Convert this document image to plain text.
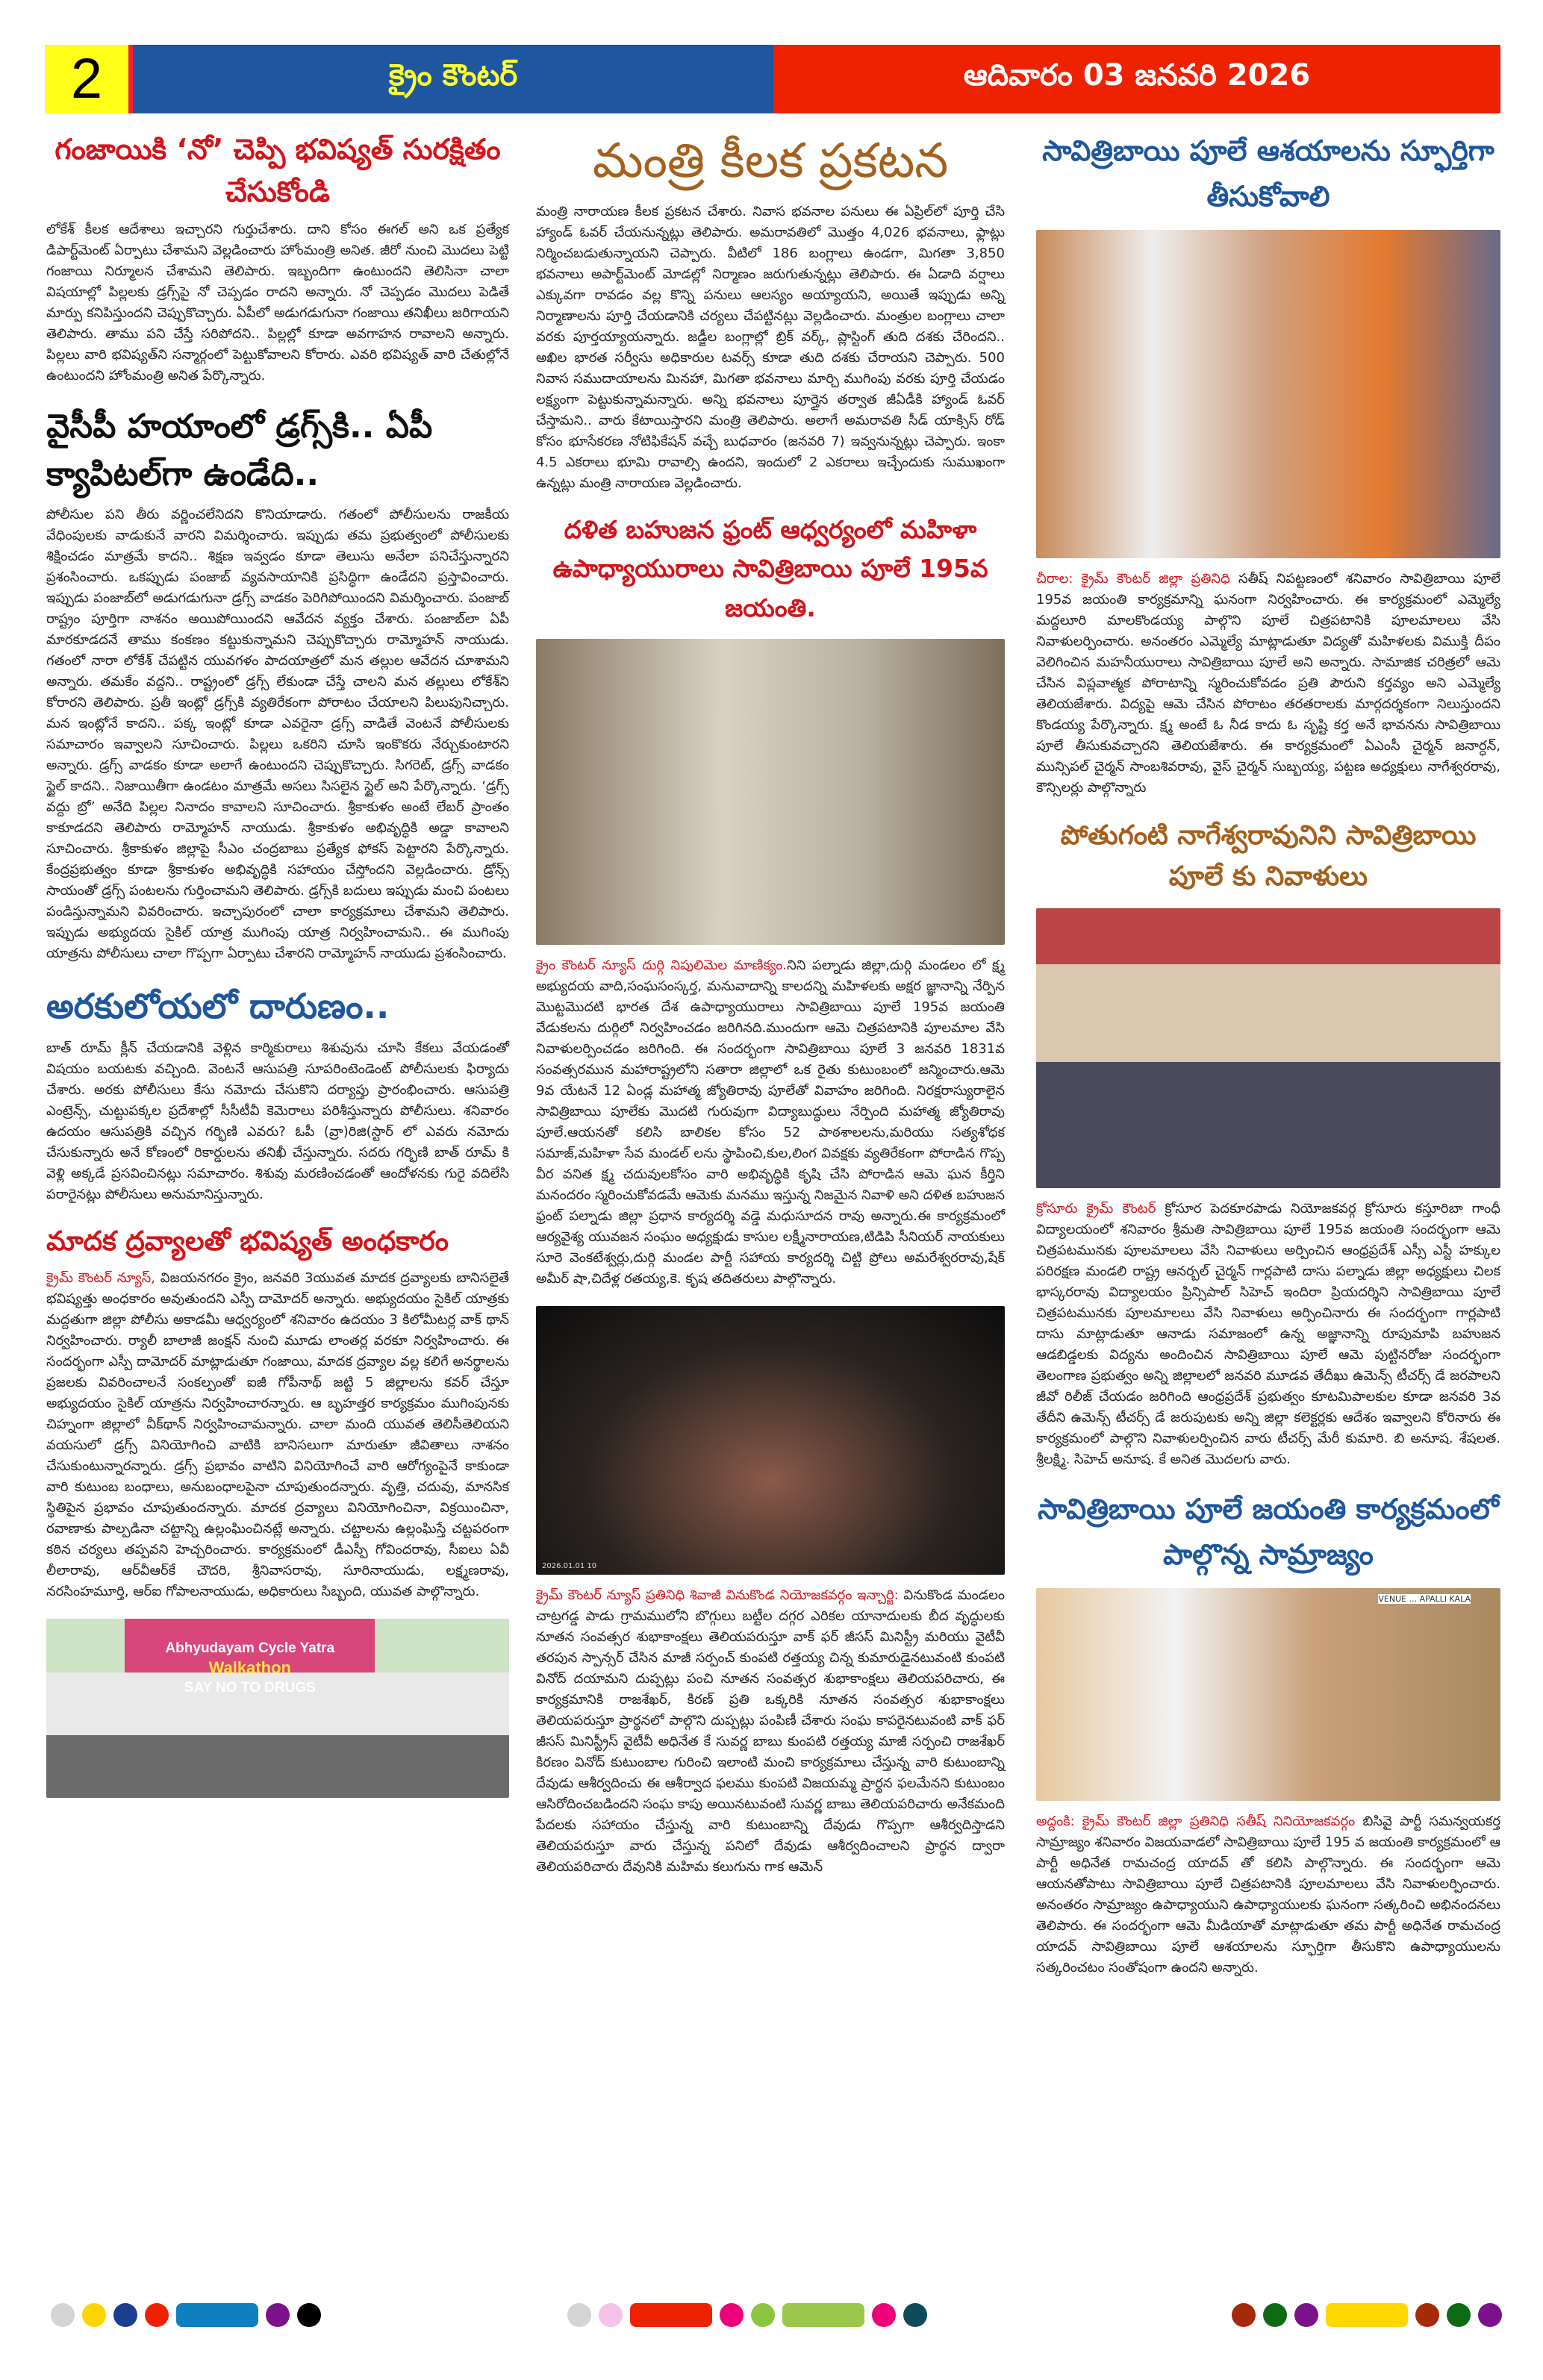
2	క్రైం కౌంటర్	ఆదివారం 03 జనవరి 2026
గంజాయికి ‘నో’ చెప్పి భవిష్యత్ సురక్షితం చేసుకోండి
లోకేశ్ కీలక ఆదేశాలు ఇచ్చారని గుర్తుచేశారు. దాని కోసం ఈగల్ అని ఒక ప్రత్యేక డిపార్ట్‌మెంట్ ఏర్పాటు చేశామని వెల్లడించారు హోంమంత్రి అనిత. జీరో నుంచి మొదలు పెట్టి గంజాయి నిర్మూలన చేశామని తెలిపారు. ఇబ్బందిగా ఉంటుందని తెలిసినా చాలా విషయాల్లో పిల్లలకు డ్రగ్స్‌పై నో చెప్పడం రాదని అన్నారు. నో చెప్పడం మొదలు పెడితే మార్పు కనిపిస్తుందని చెప్పుకొచ్చారు. ఏపీలో అడుగడుగునా గంజాయి తనిఖీలు జరిగాయని తెలిపారు. తాము పని చేస్తే సరిపోదని.. పిల్లల్లో కూడా అవగాహన రావాలని అన్నారు. పిల్లలు వారి భవిష్యత్‌ని సన్మార్గంలో పెట్టుకోవాలని కోరారు. ఎవరి భవిష్యత్ వారి చేతుల్లోనే ఉంటుందని హోంమంత్రి అనిత పేర్కొన్నారు.
వైసీపీ హయాంలో డ్రగ్స్‌కి.. ఏపీ క్యాపిటల్‌గా ఉండేది..
పోలీసుల పని తీరు వర్ణించలేనిదని కొనియాడారు. గతంలో పోలీసులను రాజకీయ వేధింపులకు వాడుకునే వారని విమర్శించారు. ఇప్పుడు తమ ప్రభుత్వంలో పోలీసులకు శిక్షించడం మాత్రమే కాదని.. శిక్షణ ఇవ్వడం కూడా తెలుసు అనేలా పనిచేస్తున్నారని ప్రశంసించారు. ఒకప్పుడు పంజాబ్ వ్యవసాయానికి ప్రసిద్ధిగా ఉండేదని ప్రస్తావించారు. ఇప్పుడు పంజాబ్‌లో అడుగడుగునా డ్రగ్స్ వాడకం పెరిగిపోయిందని విమర్శించారు. పంజాబ్ రాష్ట్రం పూర్తిగా నాశనం అయిపోయిందని ఆవేదన వ్యక్తం చేశారు. పంజాబ్‌లా ఏపీ మారకూడదనే తాము కంకణం కట్టుకున్నామని చెప్పుకొచ్చారు రామ్మోహన్ నాయుడు. గతంలో నారా లోకేశ్ చేపట్టిన యువగళం పాదయాత్రలో మన తల్లుల ఆవేదన చూశామని అన్నారు. తమకేం వద్దని.. రాష్ట్రంలో డ్రగ్స్ లేకుండా చేస్తే చాలని మన తల్లులు లోకేశ్‌ని కోరారని తెలిపారు. ప్రతీ ఇంట్లో డ్రగ్స్‌కి వ్యతిరేకంగా పోరాటం చేయాలని పిలుపునిచ్చారు. మన ఇంట్లోనే కాదని.. పక్క ఇంట్లో కూడా ఎవరైనా డ్రగ్స్ వాడితే వెంటనే పోలీసులకు సమాచారం ఇవ్వాలని సూచించారు. పిల్లలు ఒకరిని చూసి ఇంకొకరు నేర్చుకుంటారని అన్నారు. డ్రగ్స్ వాడకం కూడా అలాగే ఉంటుందని చెప్పుకొచ్చారు. సిగరెట్, డ్రగ్స్ వాడకం స్టైల్ కాదని.. నిజాయితీగా ఉండటం మాత్రమే అసలు సిసలైన స్టైల్ అని పేర్కొన్నారు. ‘డ్రగ్స్ వద్దు బ్రో’ అనేది పిల్లల నినాదం కావాలని సూచించారు. శ్రీకాకుళం అంటే లేబర్ ప్రాంతం కాకూడదని తెలిపారు రామ్మోహన్ నాయుడు. శ్రీకాకుళం అభివృద్ధికి అడ్డా కావాలని సూచించారు. శ్రీకాకుళం జిల్లాపై సీఎం చంద్రబాబు ప్రత్యేక ఫోకస్ పెట్టారని పేర్కొన్నారు. కేంద్రప్రభుత్వం కూడా శ్రీకాకుళం అభివృద్ధికి సహాయం చేస్తోందని వెల్లడించారు. డ్రోన్స్ సాయంతో డ్రగ్స్ పంటలను గుర్తించామని తెలిపారు. డ్రగ్స్‌కి బదులు ఇప్పుడు మంచి పంటలు పండిస్తున్నామని వివరించారు. ఇచ్చాపురంలో చాలా కార్యక్రమాలు చేశామని తెలిపారు. ఇప్పుడు అభ్యుదయ సైకిల్ యాత్ర ముగింపు యాత్ర నిర్వహించామని.. ఈ ముగింపు యాత్రను పోలీసులు చాలా గొప్పగా ఏర్పాటు చేశారని రామ్మోహన్ నాయుడు ప్రశంసించారు.
అరకులోయలో దారుణం..
బాత్ రూమ్ క్లీన్ చేయడానికి వెళ్లిన కార్మికురాలు శిశువును చూసి కేకలు వేయడంతో విషయం బయటకు వచ్చింది. వెంటనే ఆసుపత్రి సూపరింటెండెంట్ పోలీసులకు ఫిర్యాదు చేశారు. అరకు పోలీసులు కేసు నమోదు చేసుకొని దర్యాప్తు ప్రారంభించారు. ఆసుపత్రి ఎంట్రెన్స్, చుట్టుపక్కల ప్రదేశాల్లో సీసీటీవీ కెమెరాలు పరిశీస్తున్నారు పోలీసులు. శనివారం ఉదయం ఆసుపత్రికి వచ్చిన గర్భిణి ఎవరు? ఓపీ (వ్రా)రిజి(స్టార్ లో ఎవరు నమోదు చేసుకున్నారు అనే కోణంలో రికార్డులను తనిఖీ చేస్తున్నారు. సదరు గర్భిణి బాత్ రూమ్ కి వెళ్లి అక్కడే ప్రసవించినట్లు సమాచారం. శిశువు మరణించడంతో ఆందోళనకు గురై వదిలేసి పరారైనట్లు పోలీసులు అనుమానిస్తున్నారు.
మాదక ద్రవ్యాలతో భవిష్యత్ అంధకారం
క్రైమ్ కౌంటర్ న్యూస్, విజయనగరం క్రైం, జనవరి 3యువత మాదక ద్రవ్యాలకు బానిసలైతే భవిష్యత్తు అంధకారం అవుతుందని ఎస్పీ దామోదర్ అన్నారు. అభ్యుదయం సైకిల్ యాత్రకు మద్దతుగా జిల్లా పోలీసు అకాడమీ ఆధ్వర్యంలో శనివారం ఉదయం 3 కిలోమీటర్ల వాక్ థాన్ నిర్వహించారు. ర్యాలీ బాలాజీ జంక్షన్ నుంచి మూడు లాంతర్ల వరకూ నిర్వహించారు. ఈ సందర్భంగా ఎస్పీ దామోదర్ మాట్లాడుతూ గంజాయి, మాదక ద్రవ్యాల వల్ల కలిగే అనర్థాలను ప్రజలకు వివరించాలనే సంకల్పంతో ఐజీ గోపీనాథ్ జట్టి 5 జిల్లాలను కవర్ చేస్తూ అభ్యుదయం సైకిల్ యాత్రను నిర్వహించారన్నారు. ఆ బృహత్తర కార్యక్రమం ముగింపునకు చిహ్నంగా జిల్లాలో వీక్‌థాన్ నిర్వహించామన్నారు. చాలా మంది యువత తెలిసీతెలియని వయసులో డ్రగ్స్ వినియోగించి వాటికి బానిసలుగా మారుతూ జీవితాలు నాశనం చేసుకుంటున్నారన్నారు. డ్రగ్స్ ప్రభావం వాటిని వినియోగించే వారి ఆరోగ్యంపైనే కాకుండా వారి కుటుంబ బంధాలు, అనుబంధాలపైనా చూపుతుందన్నారు. వృత్తి, చదువు, మానసిక స్థితిపైన ప్రభావం చూపుతుందన్నారు. మాదక ద్రవ్యాలు వినియోగించినా, విక్రయించినా, రవాణాకు పాల్పడినా చట్టాన్ని ఉల్లంఘించినట్లే అన్నారు. చట్టాలను ఉల్లంఘిస్తే చట్టపరంగా కఠిన చర్యలు తప్పవని హెచ్చరించారు. కార్యక్రమంలో డీఎస్పీ గోవిందరావు, సీఐలు ఏవీ లీలారావు, ఆర్‌వీఆర్‌కే చౌదరి, శ్రీనివాసరావు, సూరినాయుడు, లక్ష్మణరావు, నరసింహమూర్తి, ఆర్ఐ గోపాలనాయుడు, అధికారులు సిబ్బంది, యువత పాల్గొన్నారు.
Abhyudayam Cycle Yatra
Walkathon
SAY NO TO DRUGS
మంత్రి కీలక ప్రకటన
మంత్రి నారాయణ కీలక ప్రకటన చేశారు. నివాస భవనాల పనులు ఈ ఏప్రిల్‌లో పూర్తి చేసి హ్యాండ్ ఓవర్ చేయనున్నట్లు తెలిపారు. అమరావతిలో మొత్తం 4,026 భవనాలు, ఫ్లాట్లు నిర్మించబడుతున్నాయని చెప్పారు. వీటిలో 186 బంగ్లాలు ఉండగా, మిగతా 3,850 భవనాలు అపార్ట్‌మెంట్ మోడల్లో నిర్మాణం జరుగుతున్నట్లు తెలిపారు. ఈ ఏడాది వర్షాలు ఎక్కువగా రావడం వల్ల కొన్ని పనులు ఆలస్యం అయ్యాయని, అయితే ఇప్పుడు అన్ని నిర్మాణాలను పూర్తి చేయడానికి చర్యలు చేపట్టినట్లు వెల్లడించారు. మంత్రుల బంగ్లాలు చాలా వరకు పూర్తయ్యాయన్నారు. జడ్జీల బంగ్లాల్లో బ్రిక్ వర్క్, ప్లాస్టింగ్ తుది దశకు చేరిందని.. అఖిల భారత సర్వీసు అధికారుల టవర్స్ కూడా తుది దశకు చేరాయని చెప్పారు. 500 నివాస సముదాయాలను మినహా, మిగతా భవనాలు మార్చి ముగింపు వరకు పూర్తి చేయడం లక్ష్యంగా పెట్టుకున్నామన్నారు. అన్ని భవనాలు పూర్తైన తర్వాత జీఏడీకి హ్యాండ్ ఓవర్ చేస్తామని.. వారు కేటాయిస్తారని మంత్రి తెలిపారు. అలాగే అమరావతి సీడ్ యాక్సిస్ రోడ్ కోసం భూసేకరణ నోటిఫికేషన్ వచ్చే బుధవారం (జనవరి 7) ఇవ్వనున్నట్లు చెప్పారు. ఇంకా 4.5 ఎకరాలు భూమి రావాల్సి ఉందని, ఇందులో 2 ఎకరాలు ఇచ్చేందుకు సుముఖంగా ఉన్నట్లు మంత్రి నారాయణ వెల్లడించారు.
దళిత బహుజన ఫ్రంట్ ఆధ్వర్యంలో మహిళా ఉపాధ్యాయురాలు సావిత్రిబాయి పూలే 195వ జయంతి.
క్రైం కౌంటర్ న్యూస్ దుర్గి నిపులిమెల మాణిక్యం.నిని పల్నాడు జిల్లా,దుర్గి మండలం లో క్ష్మ అభ్యుదయ వాది,సంఘసంస్కర్త, మనువాదాన్ని కాలదన్ని మహిళలకు అక్షర జ్ఞానాన్ని నేర్పిన మొట్టమొదటి భారత దేశ ఉపాధ్యాయురాలు సావిత్రిబాయి పూలే 195వ జయంతి వేడుకలను దుర్గిలో నిర్వహించడం జరిగినది.ముందుగా ఆమె చిత్రపటానికి పూలమాల వేసి నివాళులర్పించడం జరిగింది. ఈ సందర్భంగా సావిత్రిబాయి పూలే 3 జనవరి 1831వ సంవత్సరమున మహారాష్ట్రలోని సతారా జిల్లాలో ఒక రైతు కుటుంబంలో జన్మించారు.ఆమె 9వ యేటనే 12 ఏండ్ల మహాత్మ జ్యోతిరావు పూలేతో వివాహం జరిగింది. నిరక్షరాస్యురాలైన సావిత్రిబాయి పూలేకు మొదటి గురువుగా విద్యాబుద్ధులు నేర్పింది మహాత్మ జ్యోతిరావు పూలే.ఆయనతో కలిసి బాలికల కోసం 52 పాఠశాలలను,మరియు సత్యశోధక సమాజ్,మహిళా సేవ మండల్ లను స్థాపించి,కుల,లింగ వివక్షకు వ్యతిరేకంగా పోరాడిన గొప్ప వీర వనిత క్ష్మ చదువులకోసం వారి అభివృద్ధికి కృషి చేసి పోరాడిన ఆమె ఘన కీర్తిని మనందరం స్మరించుకోవడమే ఆమెకు మనము ఇస్తున్న నిజమైన నివాళి అని దళిత బహుజన ఫ్రంట్ పల్నాడు జిల్లా ప్రధాన కార్యదర్శి వడ్డె మధుసూదన రావు అన్నారు.ఈ కార్యక్రమంలో ఆర్యవైశ్య యువజన సంఘం అధ్యక్షుడు కాసుల లక్ష్మీనారాయణ,టిడిపి సీనియర్ నాయకులు సూరె వెంకటేశ్వర్లు,దుర్గి మండల పార్టీ సహాయ కార్యదర్శి చిట్టి ప్రోలు అమరేశ్వరరావు,షేక్ అమీర్ షా,చిదేళ్ల రతయ్య,కె. కృష తదితరులు పాల్గొన్నారు.
2026.01.01 10
క్రైమ్ కౌంటర్ న్యూస్ ప్రతినిధి శివాజీ వినుకొండ నియోజకవర్గం ఇన్చార్జి: వినుకొండ మండలం చాట్రగడ్డ పాడు గ్రామములోని బొగ్గులు బట్టీల దగ్గర ఎరికల యానాదులకు బీద వృద్ధులకు నూతన సంవత్సర శుభాకాంక్షలు తెలియపరుస్తూ వాక్ ఫర్ జీసస్ మినిస్ట్రీ మరియు వైటీవీ తరపున స్పాన్సర్ చేసిన మాజీ సర్పంచ్ కుంపటి రత్తయ్య చిన్న కుమారుడైనటువంటి కుంపటి వినోద్ దయామని దుప్పట్లు పంచి నూతన సంవత్సర శుభాకాంక్షలు తెలియపరిచారు, ఈ కార్యక్రమానికి రాజశేఖర్, కిరణ్ ప్రతి ఒక్కరికి నూతన సంవత్సర శుభాకాంక్షలు తెలియపరుస్తూ ప్రార్థనలో పాల్గొని దుప్పట్లు పంపిణీ చేశారు సంఘ కాపరైనటువంటి వాక్ ఫర్ జీసస్ మినిస్ట్రీస్ వైటీవీ అధినేత కే సువర్ణ బాబు కుంపటి రత్తయ్య మాజీ సర్పంచి రాజశేఖర్ కిరణం వినోద్ కుటుంబాల గురించి ఇలాంటి మంచి కార్యక్రమాలు చేస్తున్న వారి కుటుంబాన్ని దేవుడు ఆశీర్వదించు ఈ ఆశీర్వాద ఫలము కుంపటి విజయమ్మ ప్రార్థన ఫలమేనని కుటుంబం ఆసిరోదించబడిందని సంఘ కాపు అయినటువంటి సువర్ణ బాబు తెలియపరిచారు అనేకమంది పేదలకు సహాయం చేస్తున్న వారి కుటుంబాన్ని దేవుడు గొప్పగా ఆశీర్వదిస్తాడని తెలియపరుస్తూ వారు చేస్తున్న పనిలో దేవుడు ఆశీర్వదించాలని ప్రార్థన ద్వారా తెలియపరిచారు దేవునికి మహిమ కలుగును గాక ఆమెన్
సావిత్రిబాయి పూలే ఆశయాలను స్ఫూర్తిగా తీసుకోవాలి
చీరాల: క్రైమ్ కౌంటర్ జిల్లా ప్రతినిధి సతీష్ నిపట్టణంలో శనివారం సావిత్రిబాయి పూలే 195వ జయంతి కార్యక్రమాన్ని ఘనంగా నిర్వహించారు. ఈ కార్యక్రమంలో ఎమ్మెల్యే మద్దలూరి మాలకొండయ్య పాల్గొని పూలే చిత్రపటానికి పూలమాలలు వేసి నివాళులర్పించారు. అనంతరం ఎమ్మెల్యే మాట్లాడుతూ విద్యతో మహిళలకు విముక్తి దీపం వెలిగించిన మహనీయురాలు సావిత్రిబాయి పూలే అని అన్నారు. సామాజిక చరిత్రలో ఆమె చేసిన విప్లవాత్మక పోరాటాన్ని స్మరించుకోవడం ప్రతి పౌరుని కర్తవ్యం అని ఎమ్మెల్యే తెలియజేశారు. విద్యపై ఆమె చేసిన పోరాటం తరతరాలకు మార్గదర్శకంగా నిలుస్తుందని కొండయ్య పేర్కొన్నారు. క్ష్మ అంటే ఓ నీడ కాదు ఓ సృష్టి కర్త అనే భావనను సావిత్రిబాయి పూలే తీసుకువచ్చారని తెలియజేశారు. ఈ కార్యక్రమంలో ఏఎంసీ చైర్మన్ జనార్ధన్, మున్సిపల్ చైర్మన్ సాంబశివరావు, వైస్ చైర్మన్ సుబ్బయ్య, పట్టణ అధ్యక్షులు నాగేశ్వరరావు, కౌన్సిలర్లు పాల్గొన్నారు
పోతుగంటి నాగేశ్వరావునిని సావిత్రిబాయి పూలే కు నివాళులు
క్రోసూరు క్రైమ్ కౌంటర్ క్రోసూర పెదకూరపాడు నియోజకవర్గ క్రోసూరు కస్తూరిబా గాంధీ విద్యాలయంలో శనివారం శ్రీమతి సావిత్రిబాయి పూలే 195వ జయంతి సందర్భంగా ఆమె చిత్రపటమునకు పూలమాలలు వేసి నివాళులు అర్పించిన ఆంధ్రప్రదేశ్ ఎస్సీ ఎస్టీ హక్కుల పరిరక్షణ మండలి రాష్ట్ర ఆనర్బల్ చైర్మన్ గార్లపాటి దాసు పల్నాడు జిల్లా అధ్యక్షులు చిలక భాస్కరరావు విద్యాలయం ప్రిన్సిపాల్ సిహెచ్ ఇందిరా ప్రియదర్శిని సావిత్రిబాయి పూలే చిత్రపటమునకు పూలమాలలు వేసి నివాళులు అర్పించినారు ఈ సందర్భంగా గార్లపాటి దాసు మాట్లాడుతూ ఆనాడు సమాజంలో ఉన్న అజ్ఞానాన్ని రూపుమాపి బహుజన ఆడబిడ్డలకు విద్యను అందించిన సావిత్రిబాయి పూలే ఆమె పుట్టినరోజు సందర్భంగా తెలంగాణ ప్రభుత్వం అన్ని జిల్లాలలో జనవరి మూడవ తేదీఖు ఉమెన్స్ టీచర్స్ డే జరపాలని జీవో రిలీజ్ చేయడం జరిగింది ఆంధ్రప్రదేశ్ ప్రభుత్వం కూటమిపాలకుల కూడా జనవరి 3వ తేదీని ఉమెన్స్ టీచర్స్ డే జరుపుటకు అన్ని జిల్లా కలెక్టర్లకు ఆదేశం ఇవ్వాలని కోరినారు ఈ కార్యక్రమంలో పాల్గొని నివాళులర్పించిన వారు టీచర్స్ మేరీ కుమారి. బి అనూష. శేషలత. శ్రీలక్ష్మి. సిహెచ్ అనూష. కే అనిత మొదలగు వారు.
సావిత్రిబాయి పూలే జయంతి కార్యక్రమంలో పాల్గొన్న సామ్రాజ్యం
VENUE ... APALLI KALA
అద్దంకి: క్రైమ్ కౌంటర్ జిల్లా ప్రతినిధి సతీష్ నినియోజకవర్గం బిసివై పార్టీ సమన్వయకర్త సామ్రాజ్యం శనివారం విజయవాడలో సావిత్రిబాయి పూలే 195 వ జయంతి కార్యక్రమంలో ఆ పార్టీ అధినేత రామచంద్ర యాదవ్ తో కలిసి పాల్గొన్నారు. ఈ సందర్భంగా ఆమె ఆయనతోపాటు సావిత్రిబాయి పూలే చిత్రపటానికి పూలమాలలు వేసి నివాళులర్పించారు. అనంతరం సామ్రాజ్యం ఉపాధ్యాయుని ఉపాధ్యాయులకు ఘనంగా సత్కరించి అభినందనలు తెలిపారు. ఈ సందర్భంగా ఆమె మీడియాతో మాట్లాడుతూ తమ పార్టీ అధినేత రామచంద్ర యాదవ్ సావిత్రిబాయి పూలే ఆశయాలను స్ఫూర్తిగా తీసుకొని ఉపాధ్యాయులను సత్కరించటం సంతోషంగా ఉందని అన్నారు.
